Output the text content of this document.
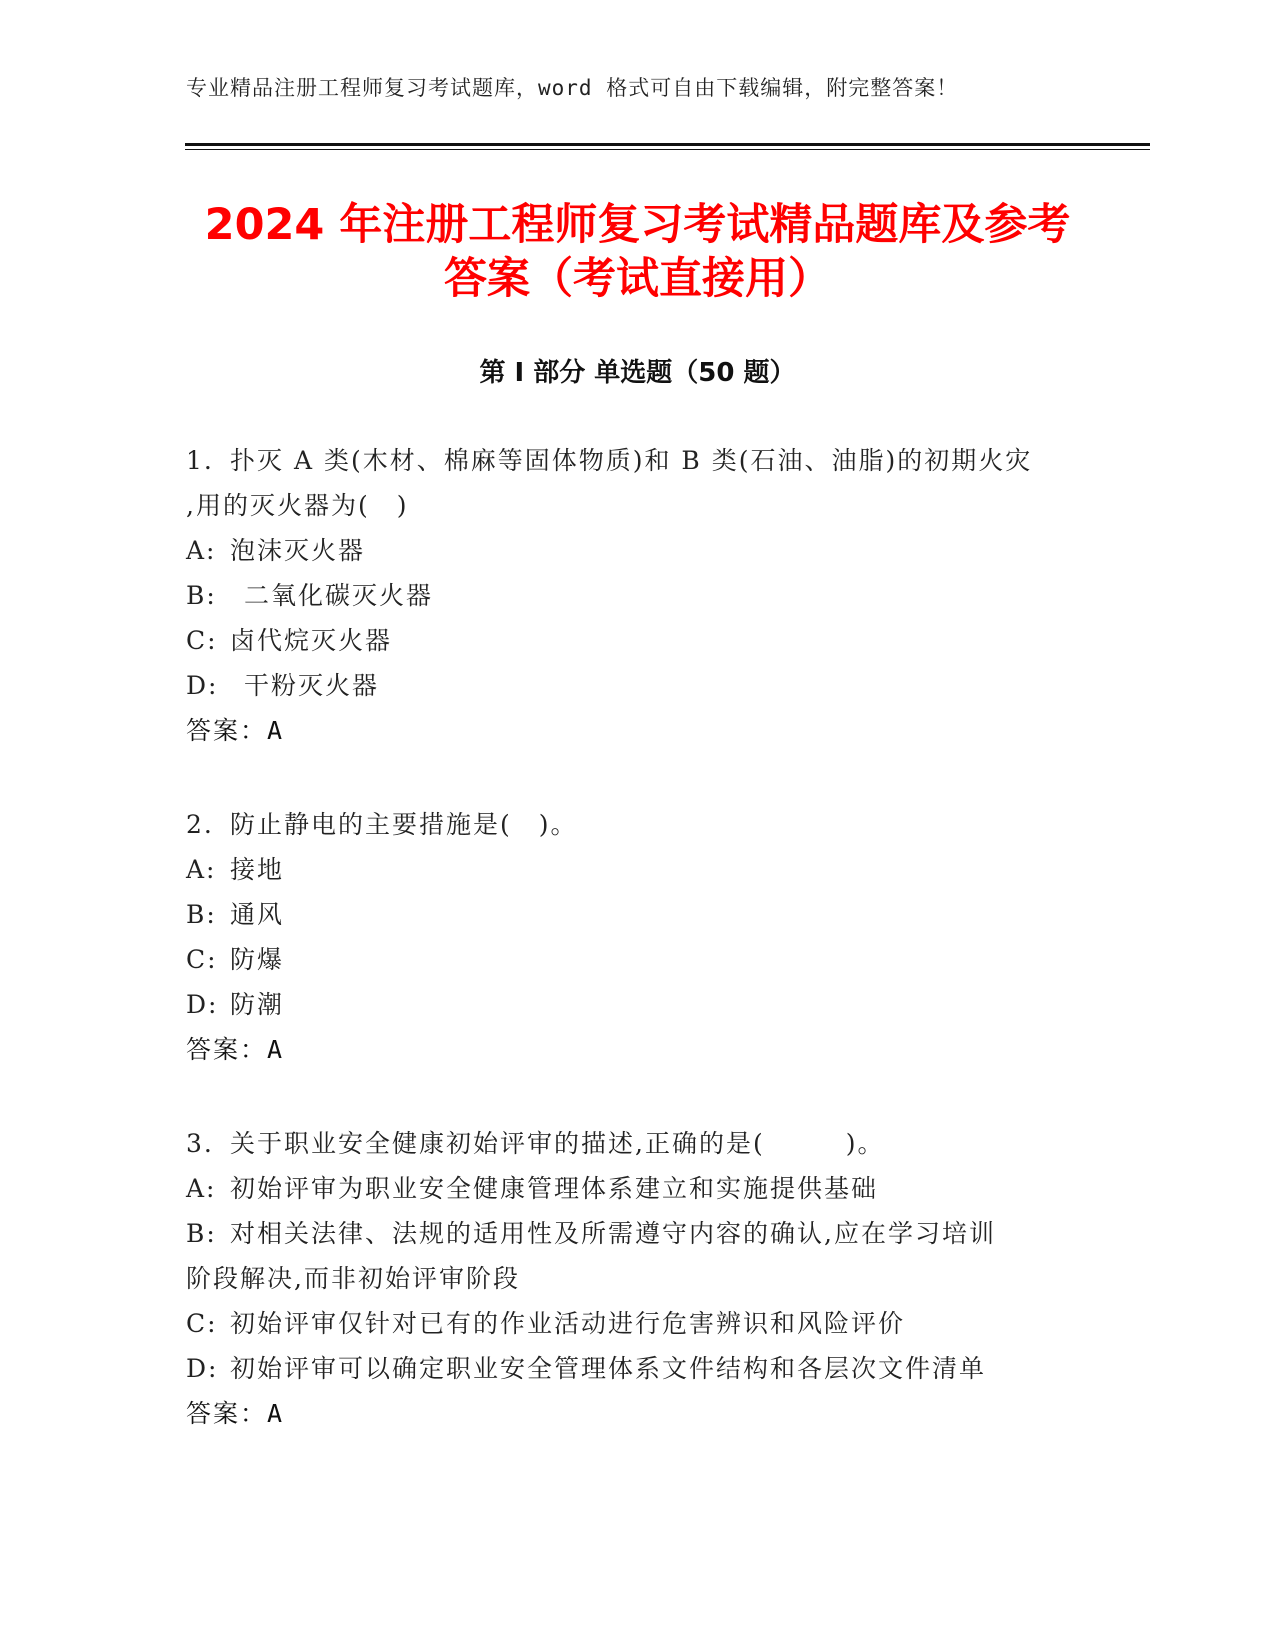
专业精品注册工程师复习考试题库，word 格式可自由下载编辑，附完整答案！
2024 年注册工程师复习考试精品题库及参考
答案（考试直接用）
第 I 部分 单选题（50 题）

1. 扑灭 A 类(木材、棉麻等固体物质)和 B 类(石油、油脂)的初期火灾

,用的灭火器为(　)

A: 泡沫灭火器

B: 二氧化碳灭火器

C: 卤代烷灭火器

D: 干粉灭火器

答案：A

2. 防止静电的主要措施是(　)。

A: 接地

B: 通风

C: 防爆

D: 防潮

答案：A

3. 关于职业安全健康初始评审的描述,正确的是(　　　)。

A: 初始评审为职业安全健康管理体系建立和实施提供基础

B: 对相关法律、法规的适用性及所需遵守内容的确认,应在学习培训

阶段解决,而非初始评审阶段

C: 初始评审仅针对已有的作业活动进行危害辨识和风险评价

D: 初始评审可以确定职业安全管理体系文件结构和各层次文件清单

答案：A
